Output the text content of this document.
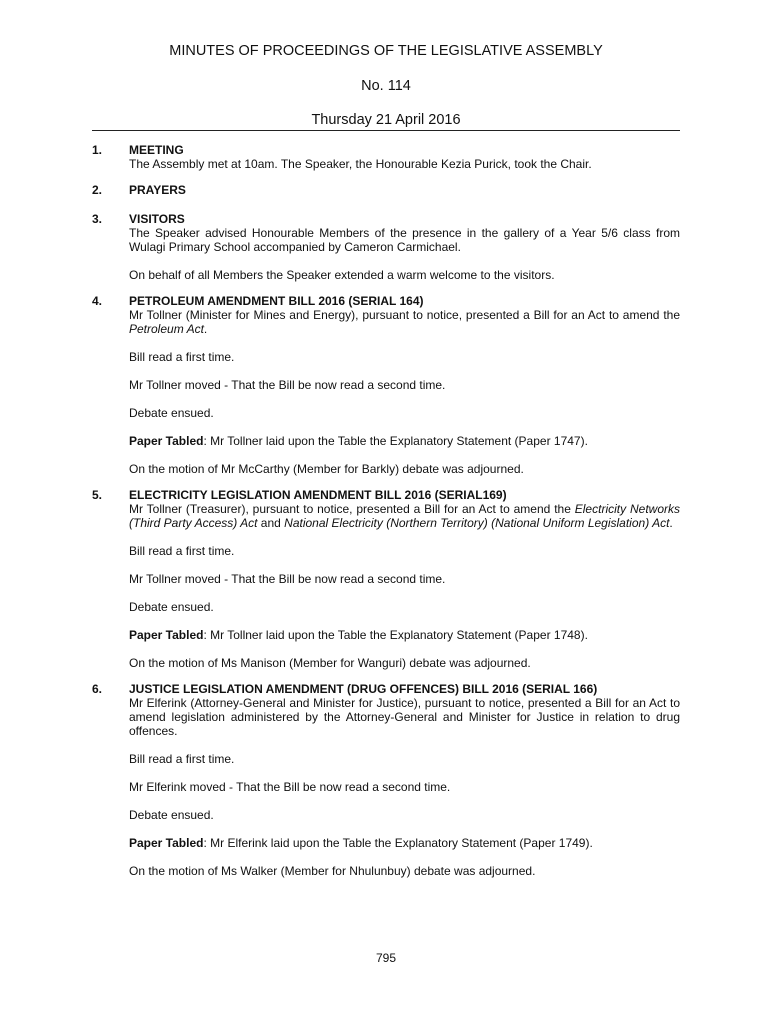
MINUTES OF PROCEEDINGS OF THE LEGISLATIVE ASSEMBLY
No. 114
Thursday 21 April 2016
1. MEETING

The Assembly met at 10am. The Speaker, the Honourable Kezia Purick, took the Chair.

2. PRAYERS
3. VISITORS

The Speaker advised Honourable Members of the presence in the gallery of a Year 5/6 class from Wulagi Primary School accompanied by Cameron Carmichael.

On behalf of all Members the Speaker extended a warm welcome to the visitors.

4. PETROLEUM AMENDMENT BILL 2016 (SERIAL 164)

Mr Tollner (Minister for Mines and Energy), pursuant to notice, presented a Bill for an Act to amend the Petroleum Act.

Bill read a first time.

Mr Tollner moved - That the Bill be now read a second time.

Debate ensued.

Paper Tabled: Mr Tollner laid upon the Table the Explanatory Statement (Paper 1747).

On the motion of Mr McCarthy (Member for Barkly) debate was adjourned.

5. ELECTRICITY LEGISLATION AMENDMENT BILL 2016 (SERIAL169)

Mr Tollner (Treasurer), pursuant to notice, presented a Bill for an Act to amend the Electricity Networks (Third Party Access) Act and National Electricity (Northern Territory) (National Uniform Legislation) Act.

Bill read a first time.

Mr Tollner moved - That the Bill be now read a second time.

Debate ensued.

Paper Tabled: Mr Tollner laid upon the Table the Explanatory Statement (Paper 1748).

On the motion of Ms Manison (Member for Wanguri) debate was adjourned.

6. JUSTICE LEGISLATION AMENDMENT (DRUG OFFENCES) BILL 2016 (SERIAL 166)

Mr Elferink (Attorney-General and Minister for Justice), pursuant to notice, presented a Bill for an Act to amend legislation administered by the Attorney-General and Minister for Justice in relation to drug offences.

Bill read a first time.

Mr Elferink moved - That the Bill be now read a second time.

Debate ensued.

Paper Tabled: Mr Elferink laid upon the Table the Explanatory Statement (Paper 1749).

On the motion of Ms Walker (Member for Nhulunbuy) debate was adjourned.

795
